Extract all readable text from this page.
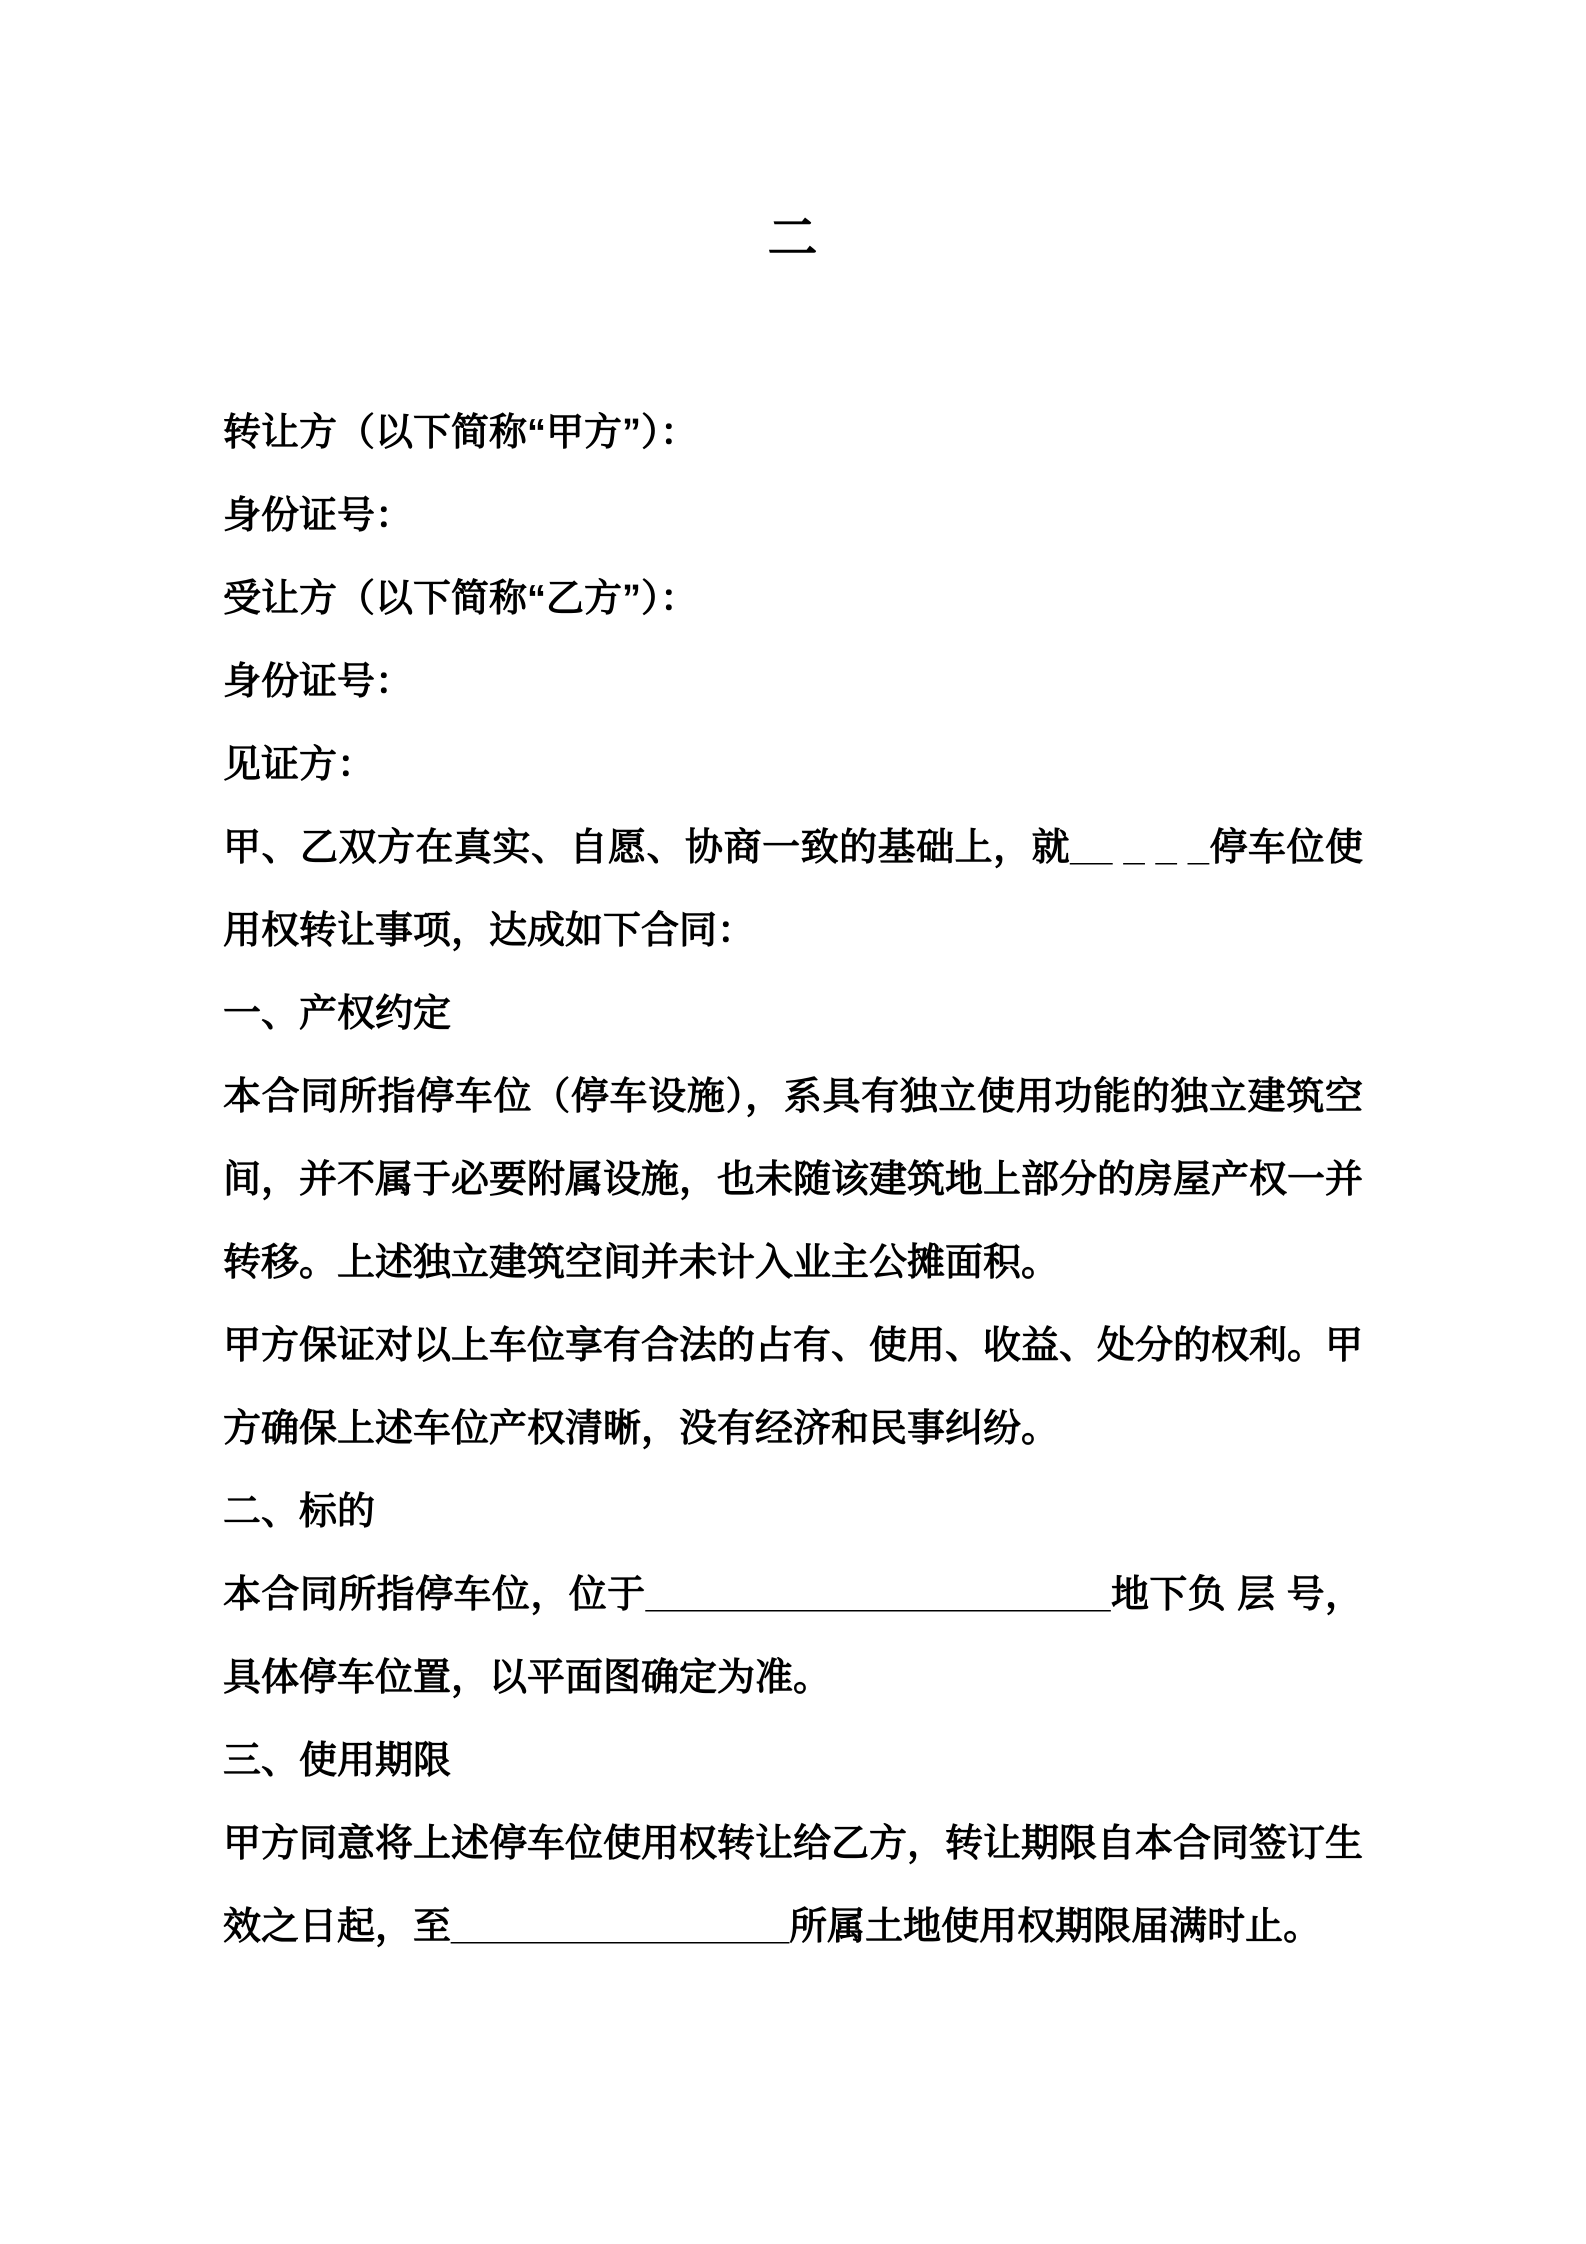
二

转让方（以下简称“甲方”）：

身份证号：

受让方（以下简称“乙方”）：

身份证号：

见证方：

甲、乙双方在真实、自愿、协商一致的基础上，就__ _ _ _停车位使用权转让事项，达成如下合同：

一、产权约定

本合同所指停车位（停车设施），系具有独立使用功能的独立建筑空间，并不属于必要附属设施，也未随该建筑地上部分的房屋产权一并转移。上述独立建筑空间并未计入业主公摊面积。

甲方保证对以上车位享有合法的占有、使用、收益、处分的权利。甲方确保上述车位产权清晰，没有经济和民事纠纷。

二、标的

本合同所指停车位，位于______________________地下负 层 号，具体停车位置，以平面图确定为准。

三、使用期限

甲方同意将上述停车位使用权转让给乙方，转让期限自本合同签订生效之日起，至________________所属土地使用权期限届满时止。
